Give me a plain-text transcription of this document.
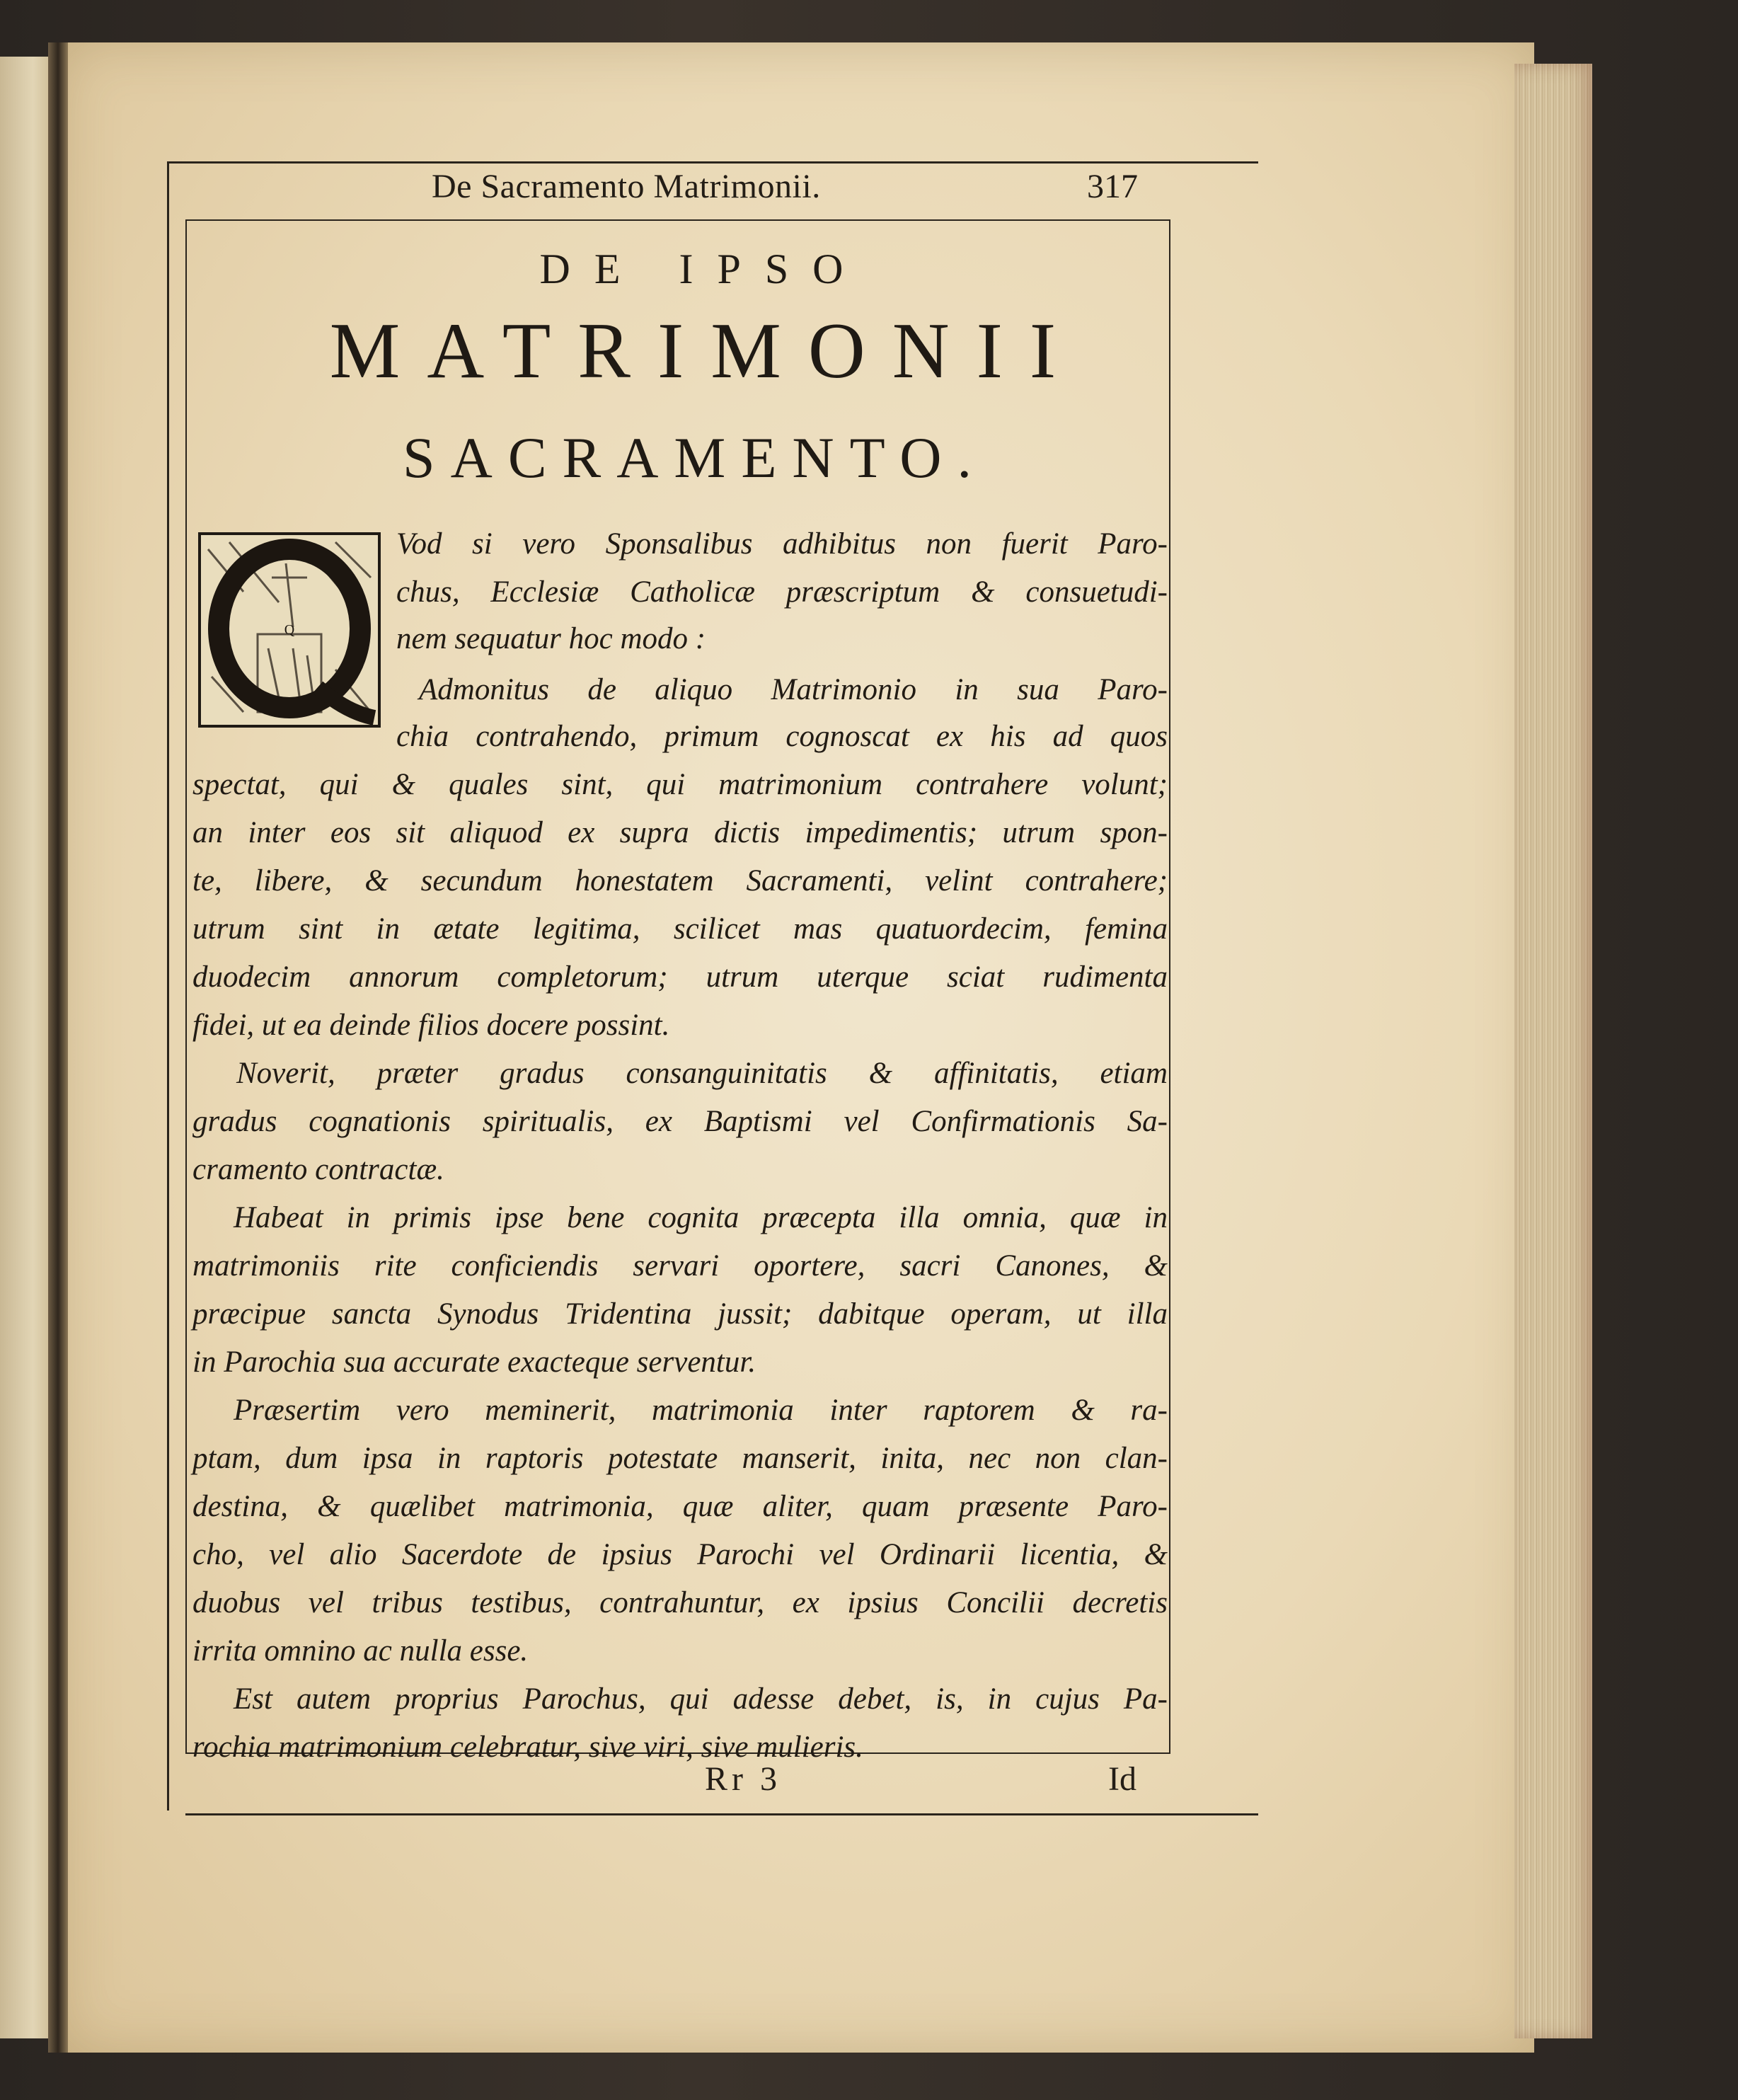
De Sacramento Matrimonii.	317
DE IPSO
MATRIMONII
SACRAMENTO.
Q
Vod si vero Sponsalibus adhibitus non fuerit Paro-
chus, Ecclesiæ Catholicæ præscriptum & consuetudi-
nem sequatur hoc modo :
Admonitus de aliquo Matrimonio in sua Paro-
chia contrahendo, primum cognoscat ex his ad quos
spectat, qui & quales sint, qui matrimonium contrahere volunt;
an inter eos sit aliquod ex supra dictis impedimentis; utrum spon-
te, libere, & secundum honestatem Sacramenti, velint contrahere;
utrum sint in ætate legitima, scilicet mas quatuordecim, femina
duodecim annorum completorum; utrum uterque sciat rudimenta
fidei, ut ea deinde filios docere possint.
Noverit, præter gradus consanguinitatis & affinitatis, etiam
gradus cognationis spiritualis, ex Baptismi vel Confirmationis Sa-
cramento contractæ.
Habeat in primis ipse bene cognita præcepta illa omnia, quæ in
matrimoniis rite conficiendis servari oportere, sacri Canones, &
præcipue sancta Synodus Tridentina jussit; dabitque operam, ut illa
in Parochia sua accurate exacteque serventur.
Præsertim vero meminerit, matrimonia inter raptorem & ra-
ptam, dum ipsa in raptoris potestate manserit, inita, nec non clan-
destina, & quælibet matrimonia, quæ aliter, quam præsente Paro-
cho, vel alio Sacerdote de ipsius Parochi vel Ordinarii licentia, &
duobus vel tribus testibus, contrahuntur, ex ipsius Concilii decretis
irrita omnino ac nulla esse.
Est autem proprius Parochus, qui adesse debet, is, in cujus Pa-
rochia matrimonium celebratur, sive viri, sive mulieris.
Rr 3	Id
